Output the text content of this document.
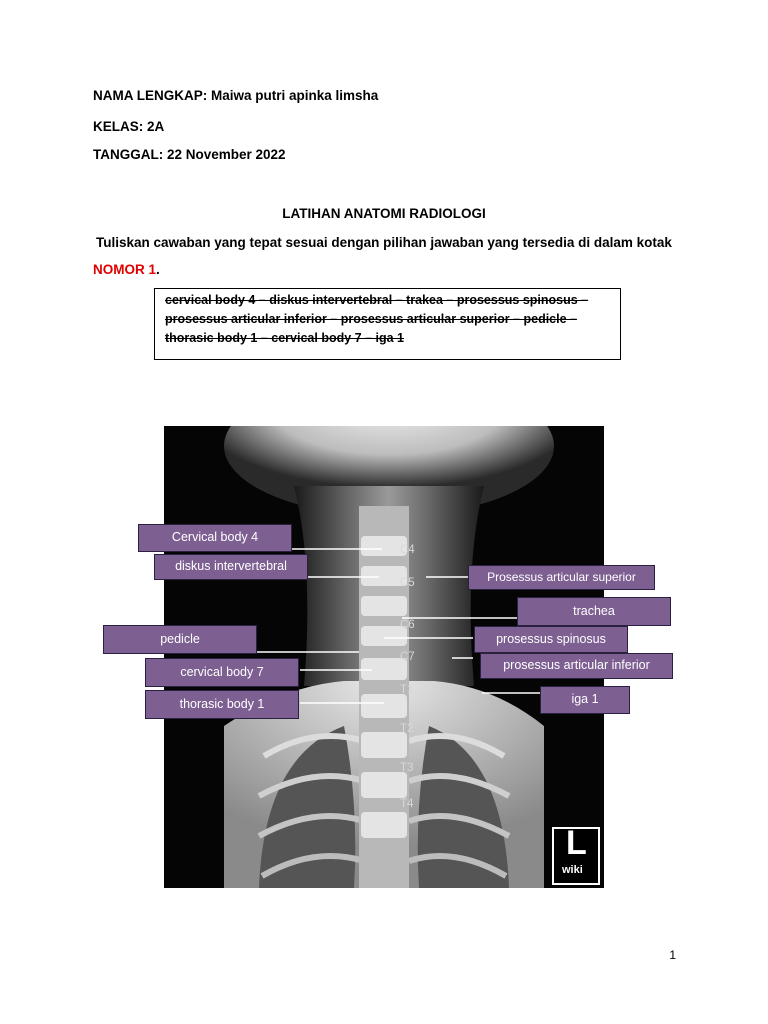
NAMA LENGKAP: Maiwa putri apinka limsha
KELAS: 2A
TANGGAL: 22 November 2022
LATIHAN ANATOMI RADIOLOGI
Tuliskan cawaban yang tepat sesuai dengan pilihan jawaban yang tersedia di dalam kotak
NOMOR 1.
cervical body 4 – diskus intervertebral – trakea – prosessus spinosus –
prosessus articular inferior – prosessus articular superior – pedicle –
thorasic body 1 – cervical body 7 – iga 1
C4
C5
C6
C7
T1
T2
T3
T4
L
wiki
Cervical body 4
diskus intervertebral
Prosessus articular superior
trachea
pedicle	prosessus spinosus
prosessus articular inferior
cervical body 7
iga 1
thorasic body 1
1
